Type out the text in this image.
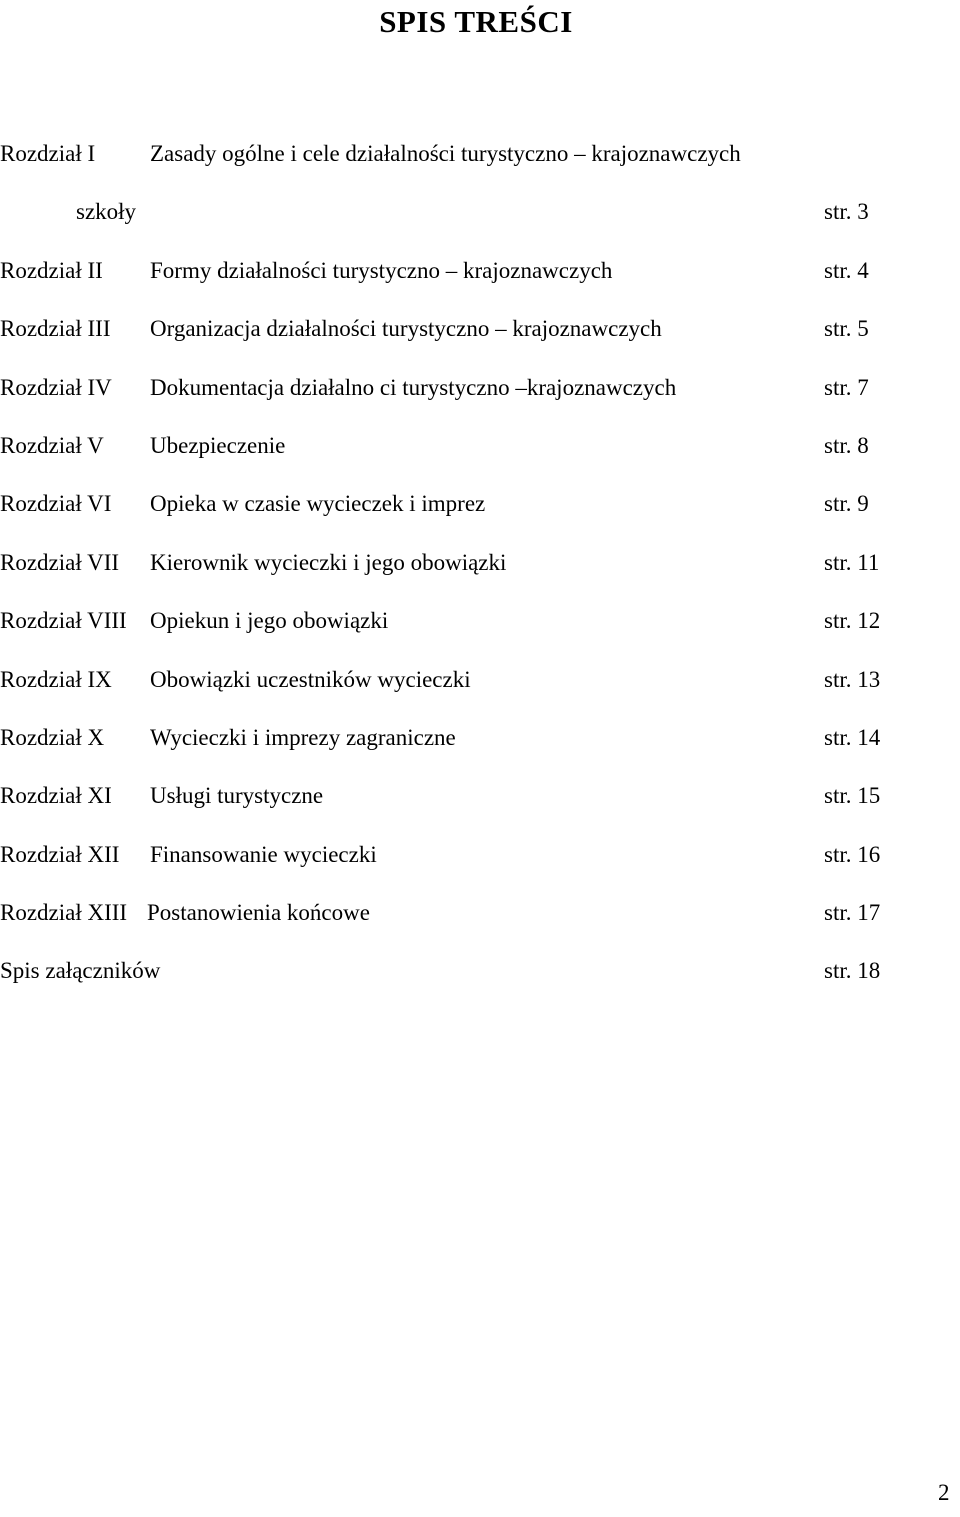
SPIS TREŚCI
Rozdział I Zasady ogólne i cele działalności turystyczno – krajoznawczych
szkoły	str. 3
Rozdział II Formy działalności turystyczno – krajoznawczych	str. 4
Rozdział III Organizacja działalności turystyczno – krajoznawczych	str. 5
Rozdział IV Dokumentacja działalno ci turystyczno –krajoznawczych	str. 7
Rozdział V Ubezpieczenie	str. 8
Rozdział VI Opieka w czasie wycieczek i imprez	str. 9
Rozdział VII Kierownik wycieczki i jego obowiązki	str. 11
Rozdział VIII Opiekun i jego obowiązki	str. 12
Rozdział IX Obowiązki uczestników wycieczki	str. 13
Rozdział X Wycieczki i imprezy zagraniczne	str. 14
Rozdział XI Usługi turystyczne	str. 15
Rozdział XII Finansowanie wycieczki	str. 16
Rozdział XIII Postanowienia końcowe	str. 17
Spis załączników	str. 18
2
